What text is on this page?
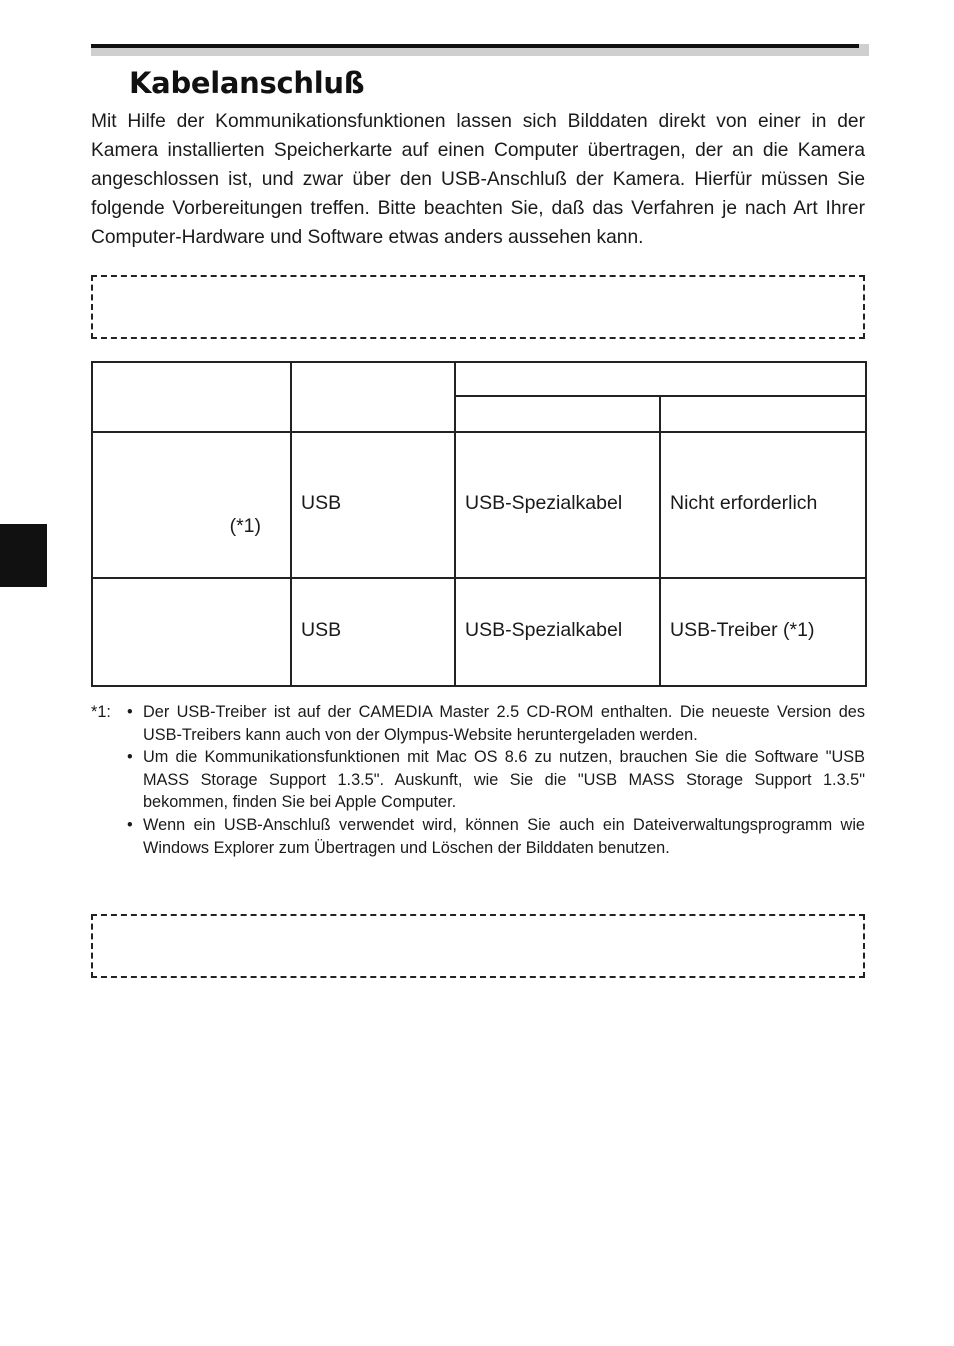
Kabelanschluß

Mit Hilfe der Kommunikationsfunktionen lassen sich Bilddaten direkt von einer in der Kamera installierten Speicherkarte auf einen Computer übertragen, der an die Kamera angeschlossen ist, und zwar über den USB-Anschluß der Kamera. Hierfür müssen Sie folgende Vorbereitungen treffen. Bitte beachten Sie, daß das Verfahren je nach Art Ihrer Computer-Hardware und Software etwas anders aussehen kann.

(*1)	USB	USB-Spezialkabel	Nicht erforderlich
	USB	USB-Spezialkabel	USB-Treiber (*1)
*1: • Der USB-Treiber ist auf der CAMEDIA Master 2.5 CD-ROM enthalten. Die neueste Version des USB-Treibers kann auch von der Olympus-Website heruntergeladen werden.
• Um die Kommunikationsfunktionen mit Mac OS 8.6 zu nutzen, brauchen Sie die Software "USB MASS Storage Support 1.3.5". Auskunft, wie Sie die "USB MASS Storage Support 1.3.5" bekommen, finden Sie bei Apple Computer.
• Wenn ein USB-Anschluß verwendet wird, können Sie auch ein Dateiverwaltungsprogramm wie Windows Explorer zum Übertragen und Löschen der Bilddaten benutzen.
